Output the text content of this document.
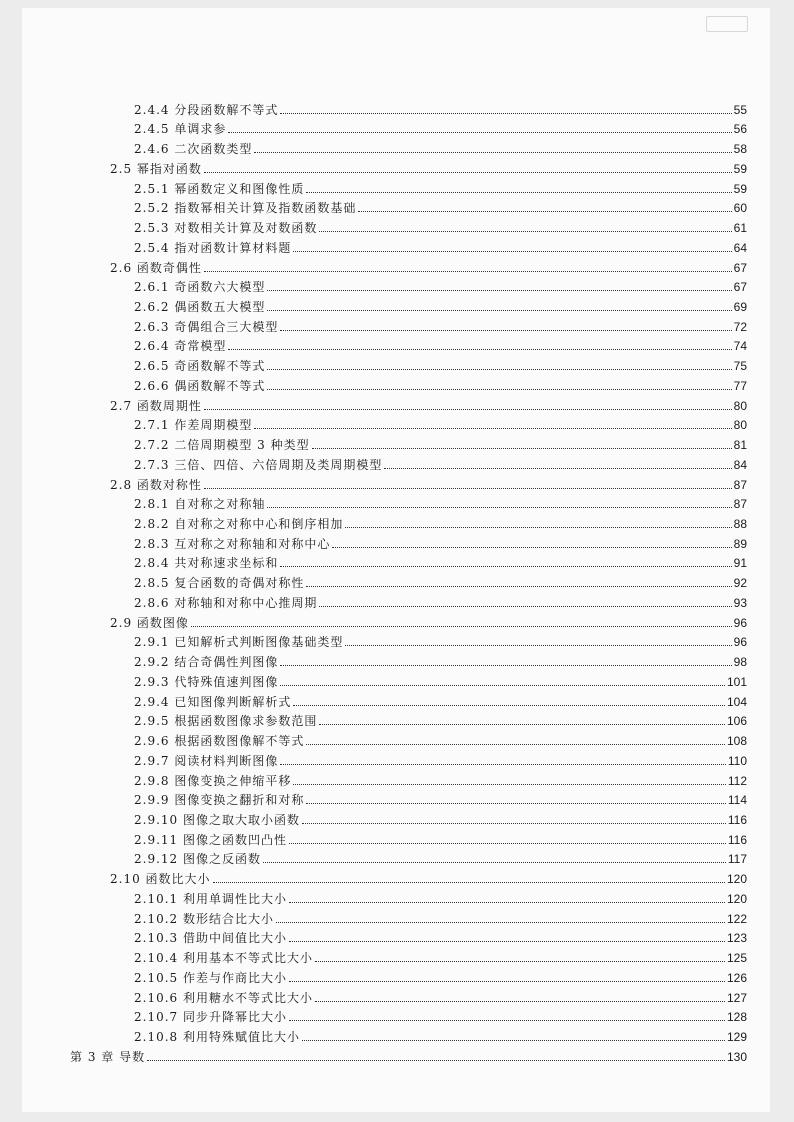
2.4.4 分段函数解不等式	55
2.4.5 单调求参	56
2.4.6 二次函数类型	58
2.5 幂指对函数	59
2.5.1 幂函数定义和图像性质	59
2.5.2 指数幂相关计算及指数函数基础	60
2.5.3 对数相关计算及对数函数	61
2.5.4 指对函数计算材料题	64
2.6 函数奇偶性	67
2.6.1 奇函数六大模型	67
2.6.2 偶函数五大模型	69
2.6.3 奇偶组合三大模型	72
2.6.4 奇常模型	74
2.6.5 奇函数解不等式	75
2.6.6 偶函数解不等式	77
2.7 函数周期性	80
2.7.1 作差周期模型	80
2.7.2 二倍周期模型 3 种类型	81
2.7.3 三倍、四倍、六倍周期及类周期模型	84
2.8 函数对称性	87
2.8.1 自对称之对称轴	87
2.8.2 自对称之对称中心和倒序相加	88
2.8.3 互对称之对称轴和对称中心	89
2.8.4 共对称速求坐标和	91
2.8.5 复合函数的奇偶对称性	92
2.8.6 对称轴和对称中心推周期	93
2.9 函数图像	96
2.9.1 已知解析式判断图像基础类型	96
2.9.2 结合奇偶性判图像	98
2.9.3 代特殊值速判图像	101
2.9.4 已知图像判断解析式	104
2.9.5 根据函数图像求参数范围	106
2.9.6 根据函数图像解不等式	108
2.9.7 阅读材料判断图像	110
2.9.8 图像变换之伸缩平移	112
2.9.9 图像变换之翻折和对称	114
2.9.10 图像之取大取小函数	116
2.9.11 图像之函数凹凸性	116
2.9.12 图像之反函数	117
2.10 函数比大小	120
2.10.1 利用单调性比大小	120
2.10.2 数形结合比大小	122
2.10.3 借助中间值比大小	123
2.10.4 利用基本不等式比大小	125
2.10.5 作差与作商比大小	126
2.10.6 利用糖水不等式比大小	127
2.10.7 同步升降幂比大小	128
2.10.8 利用特殊赋值比大小	129
第 3 章 导数	130
